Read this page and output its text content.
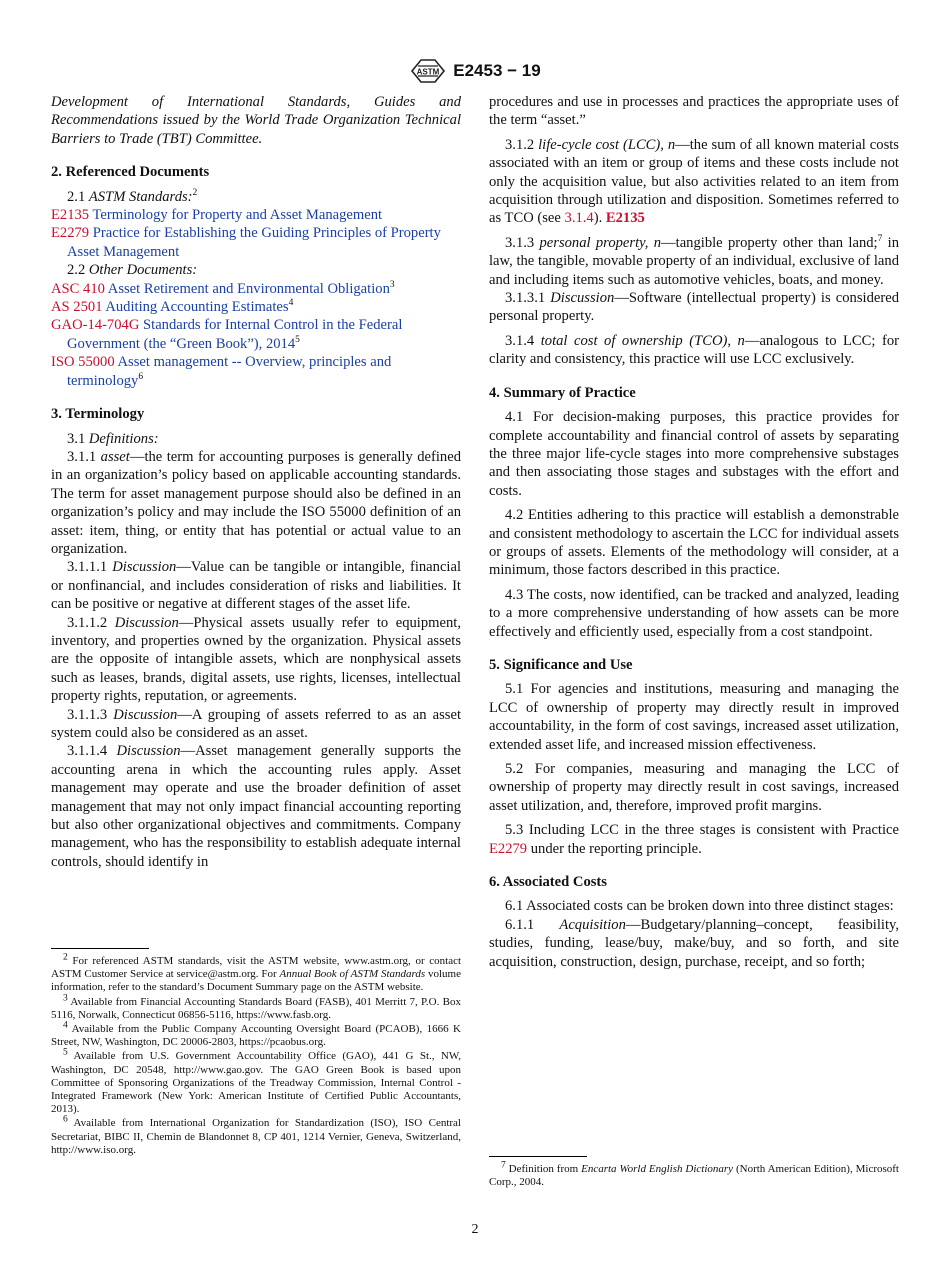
ASTM E2453 − 19

Development of International Standards, Guides and Recommendations issued by the World Trade Organization Technical Barriers to Trade (TBT) Committee.

2. Referenced Documents

2.1 ASTM Standards:$^2$

E2135 Terminology for Property and Asset Management

E2279 Practice for Establishing the Guiding Principles of Property Asset Management

2.2 Other Documents:

ASC 410 Asset Retirement and Environmental Obligation$^3$

AS 2501 Auditing Accounting Estimates$^4$

GAO-14-704G Standards for Internal Control in the Federal Government (the “Green Book”), 2014$^5$

ISO 55000 Asset management -- Overview, principles and terminology$^6$

3. Terminology

3.1 Definitions:

3.1.1 asset—the term for accounting purposes is generally defined in an organization’s policy based on applicable accounting standards. The term for asset management purpose should also be defined in an organization’s policy and may include the ISO 55000 definition of an asset: item, thing, or entity that has potential or actual value to an organization.

3.1.1.1 Discussion—Value can be tangible or intangible, financial or nonfinancial, and includes consideration of risks and liabilities. It can be positive or negative at different stages of the asset life.

3.1.1.2 Discussion—Physical assets usually refer to equipment, inventory, and properties owned by the organization. Physical assets are the opposite of intangible assets, which are nonphysical assets such as leases, brands, digital assets, use rights, licenses, intellectual property rights, reputation, or agreements.

3.1.1.3 Discussion—A grouping of assets referred to as an asset system could also be considered as an asset.

3.1.1.4 Discussion—Asset management generally supports the accounting arena in which the accounting rules apply. Asset management may operate and use the broader definition of asset management that may not only impact financial accounting reporting but also other organizational objectives and commitments. Company management, who has the responsibility to establish adequate internal controls, should identify in

$^2$ For referenced ASTM standards, visit the ASTM website, www.astm.org, or contact ASTM Customer Service at service@astm.org. For Annual Book of ASTM Standards volume information, refer to the standard’s Document Summary page on the ASTM website.

$^3$ Available from Financial Accounting Standards Board (FASB), 401 Merritt 7, P.O. Box 5116, Norwalk, Connecticut 06856-5116, https://www.fasb.org.

$^4$ Available from the Public Company Accounting Oversight Board (PCAOB), 1666 K Street, NW, Washington, DC 20006-2803, https://pcaobus.org.

$^5$ Available from U.S. Government Accountability Office (GAO), 441 G St., NW, Washington, DC 20548, http://www.gao.gov. The GAO Green Book is based upon Committee of Sponsoring Organizations of the Treadway Commission, Internal Control - Integrated Framework (New York: American Institute of Certified Public Accountants, 2013).

$^6$ Available from International Organization for Standardization (ISO), ISO Central Secretariat, BIBC II, Chemin de Blandonnet 8, CP 401, 1214 Vernier, Geneva, Switzerland, http://www.iso.org.

procedures and use in processes and practices the appropriate uses of the term “asset.”

3.1.2 life-cycle cost (LCC), n—the sum of all known material costs associated with an item or group of items and these costs include not only the acquisition value, but also activities related to an item from acquisition through utilization and disposition. Sometimes referred to as TCO (see 3.1.4). E2135

3.1.3 personal property, n—tangible property other than land;$^7$ in law, the tangible, movable property of an individual, exclusive of land and including items such as automotive vehicles, boats, and money.

3.1.3.1 Discussion—Software (intellectual property) is considered personal property.

3.1.4 total cost of ownership (TCO), n—analogous to LCC; for clarity and consistency, this practice will use LCC exclusively.

4. Summary of Practice

4.1 For decision-making purposes, this practice provides for complete accountability and financial control of assets by separating the three major life-cycle stages into more comprehensive substages and then associating those stages and substages with the effort and costs.

4.2 Entities adhering to this practice will establish a demonstrable and consistent methodology to ascertain the LCC for individual assets or groups of assets. Elements of the methodology will consider, at a minimum, those factors described in this practice.

4.3 The costs, now identified, can be tracked and analyzed, leading to a more comprehensive understanding of how assets can be more effectively and efficiently used, especially from a cost standpoint.

5. Significance and Use

5.1 For agencies and institutions, measuring and managing the LCC of ownership of property may directly result in improved accountability, in the form of cost savings, increased asset utilization, extended asset life, and increased mission effectiveness.

5.2 For companies, measuring and managing the LCC of ownership of property may directly result in cost savings, increased asset utilization, and, therefore, improved profit margins.

5.3 Including LCC in the three stages is consistent with Practice E2279 under the reporting principle.

6. Associated Costs

6.1 Associated costs can be broken down into three distinct stages:

6.1.1 Acquisition—Budgetary/planning–concept, feasibility, studies, funding, lease/buy, make/buy, and so forth, and site acquisition, construction, design, purchase, receipt, and so forth;

$^7$ Definition from Encarta World English Dictionary (North American Edition), Microsoft Corp., 2004.

2
